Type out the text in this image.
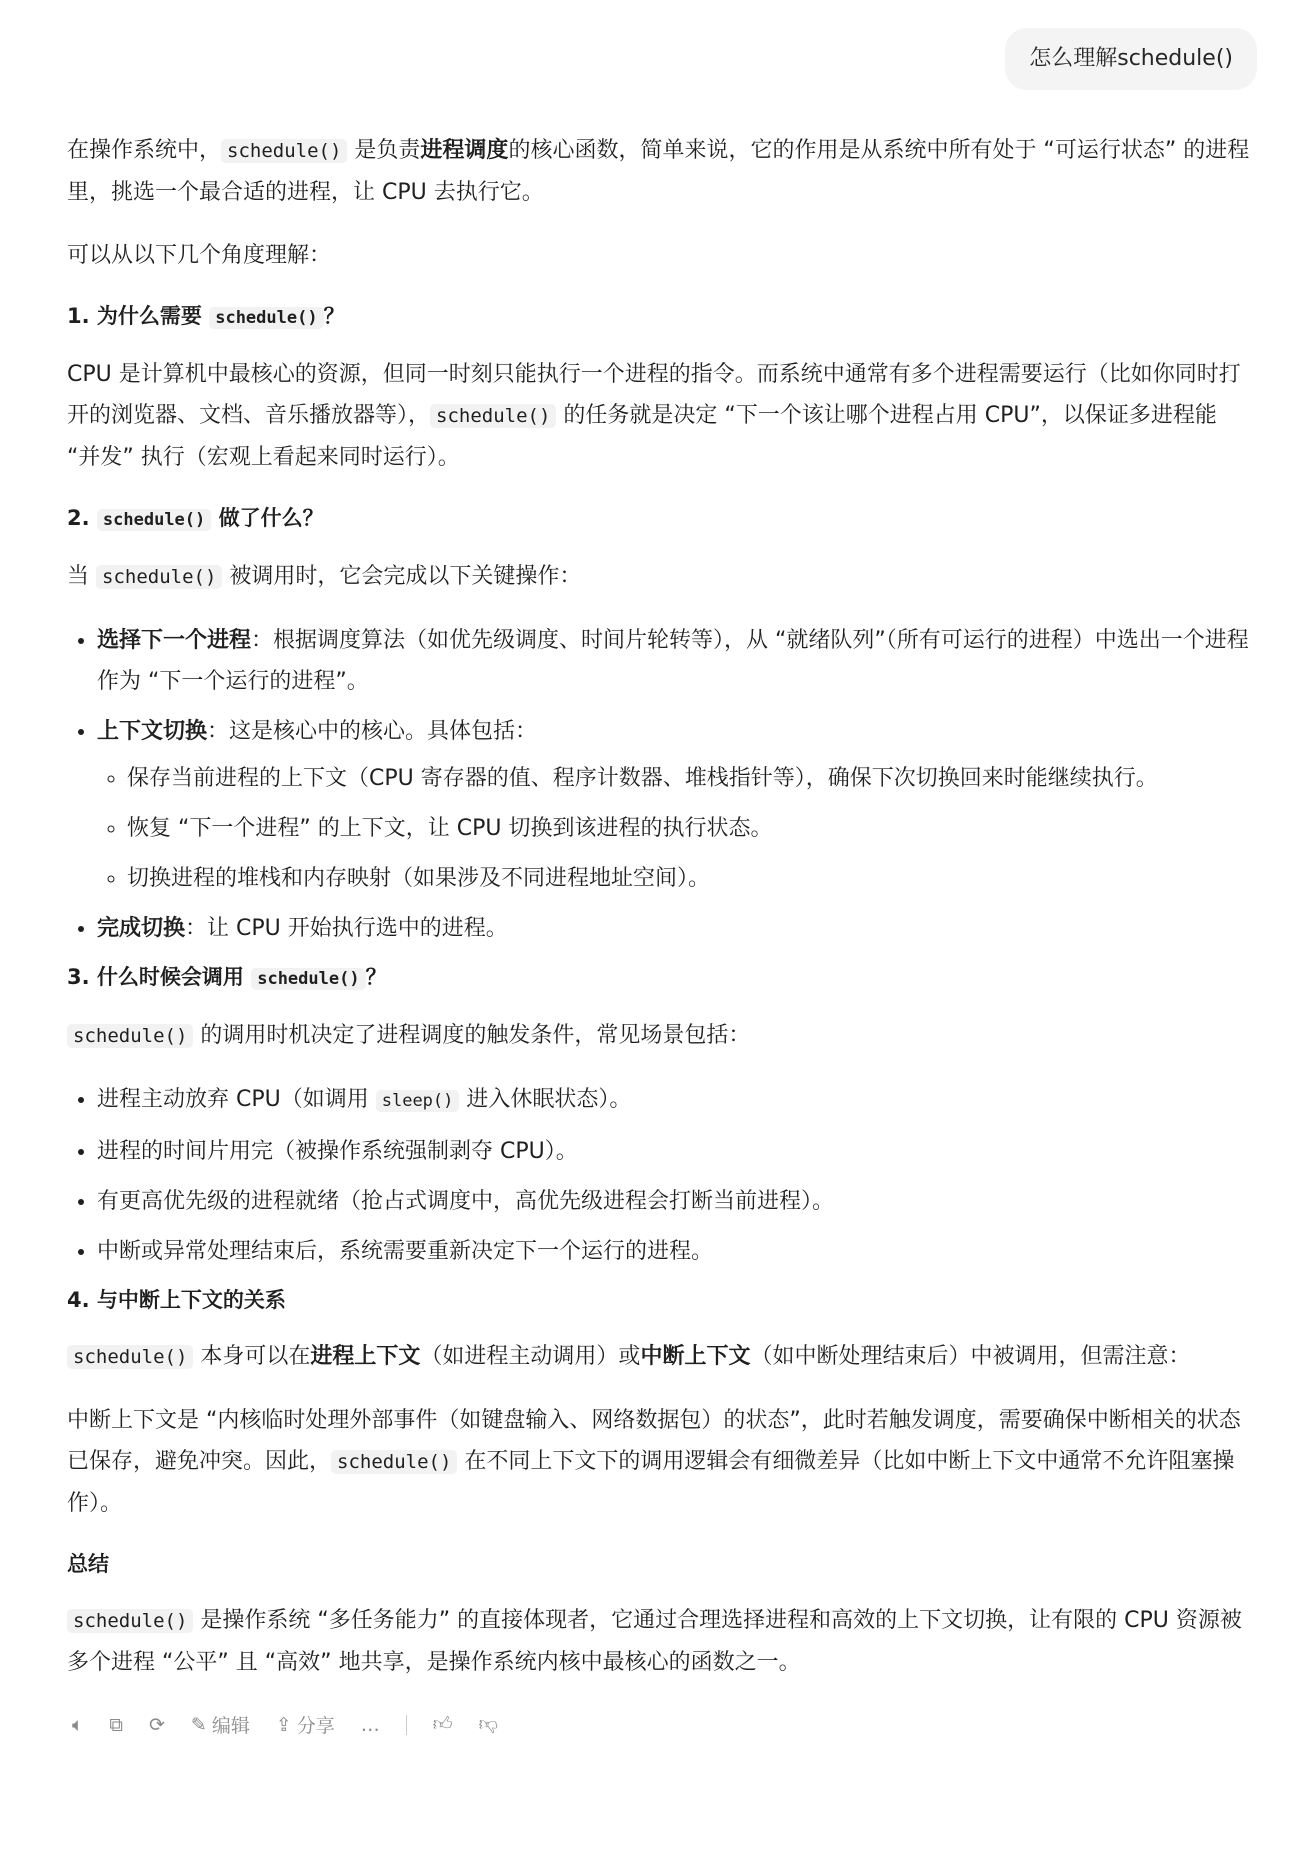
怎么理解schedule()

在操作系统中， schedule() 是负责进程调度的核心函数，简单来说，它的作用是从系统中所有处于 “可运行状态” 的进程里，挑选一个最合适的进程，让 CPU 去执行它。

可以从以下几个角度理解：

1. 为什么需要 schedule() ？

CPU 是计算机中最核心的资源，但同一时刻只能执行一个进程的指令。而系统中通常有多个进程需要运行（比如你同时打开的浏览器、文档、音乐播放器等）， schedule() 的任务就是决定 “下一个该让哪个进程占用 CPU”，以保证多进程能 “并发” 执行（宏观上看起来同时运行）。

2. schedule() 做了什么？

当 schedule() 被调用时，它会完成以下关键操作：

• 选择下一个进程：根据调度算法（如优先级调度、时间片轮转等），从 “就绪队列”（所有可运行的进程）中选出一个进程作为 “下一个运行的进程”。
• 上下文切换：这是核心中的核心。具体包括：
◦ 保存当前进程的上下文（CPU 寄存器的值、程序计数器、堆栈指针等），确保下次切换回来时能继续执行。
◦ 恢复 “下一个进程” 的上下文，让 CPU 切换到该进程的执行状态。
◦ 切换进程的堆栈和内存映射（如果涉及不同进程地址空间）。
• 完成切换：让 CPU 开始执行选中的进程。
3. 什么时候会调用 schedule() ？

schedule() 的调用时机决定了进程调度的触发条件，常见场景包括：

• 进程主动放弃 CPU（如调用 sleep() 进入休眠状态）。
• 进程的时间片用完（被操作系统强制剥夺 CPU）。
• 有更高优先级的进程就绪（抢占式调度中，高优先级进程会打断当前进程）。
• 中断或异常处理结束后，系统需要重新决定下一个运行的进程。
4. 与中断上下文的关系

schedule() 本身可以在进程上下文（如进程主动调用）或中断上下文（如中断处理结束后）中被调用，但需注意：

中断上下文是 “内核临时处理外部事件（如键盘输入、网络数据包）的状态”，此时若触发调度，需要确保中断相关的状态已保存，避免冲突。因此， schedule() 在不同上下文下的调用逻辑会有细微差异（比如中断上下文中通常不允许阻塞操作）。

总结

schedule() 是操作系统 “多任务能力” 的直接体现者，它通过合理选择进程和高效的上下文切换，让有限的 CPU 资源被多个进程 “公平” 且 “高效” 地共享，是操作系统内核中最核心的函数之一。

🔈︎ ⧉ ⟳ ✎ 编辑 ⇪ 分享 …	👍︎ 👎︎
